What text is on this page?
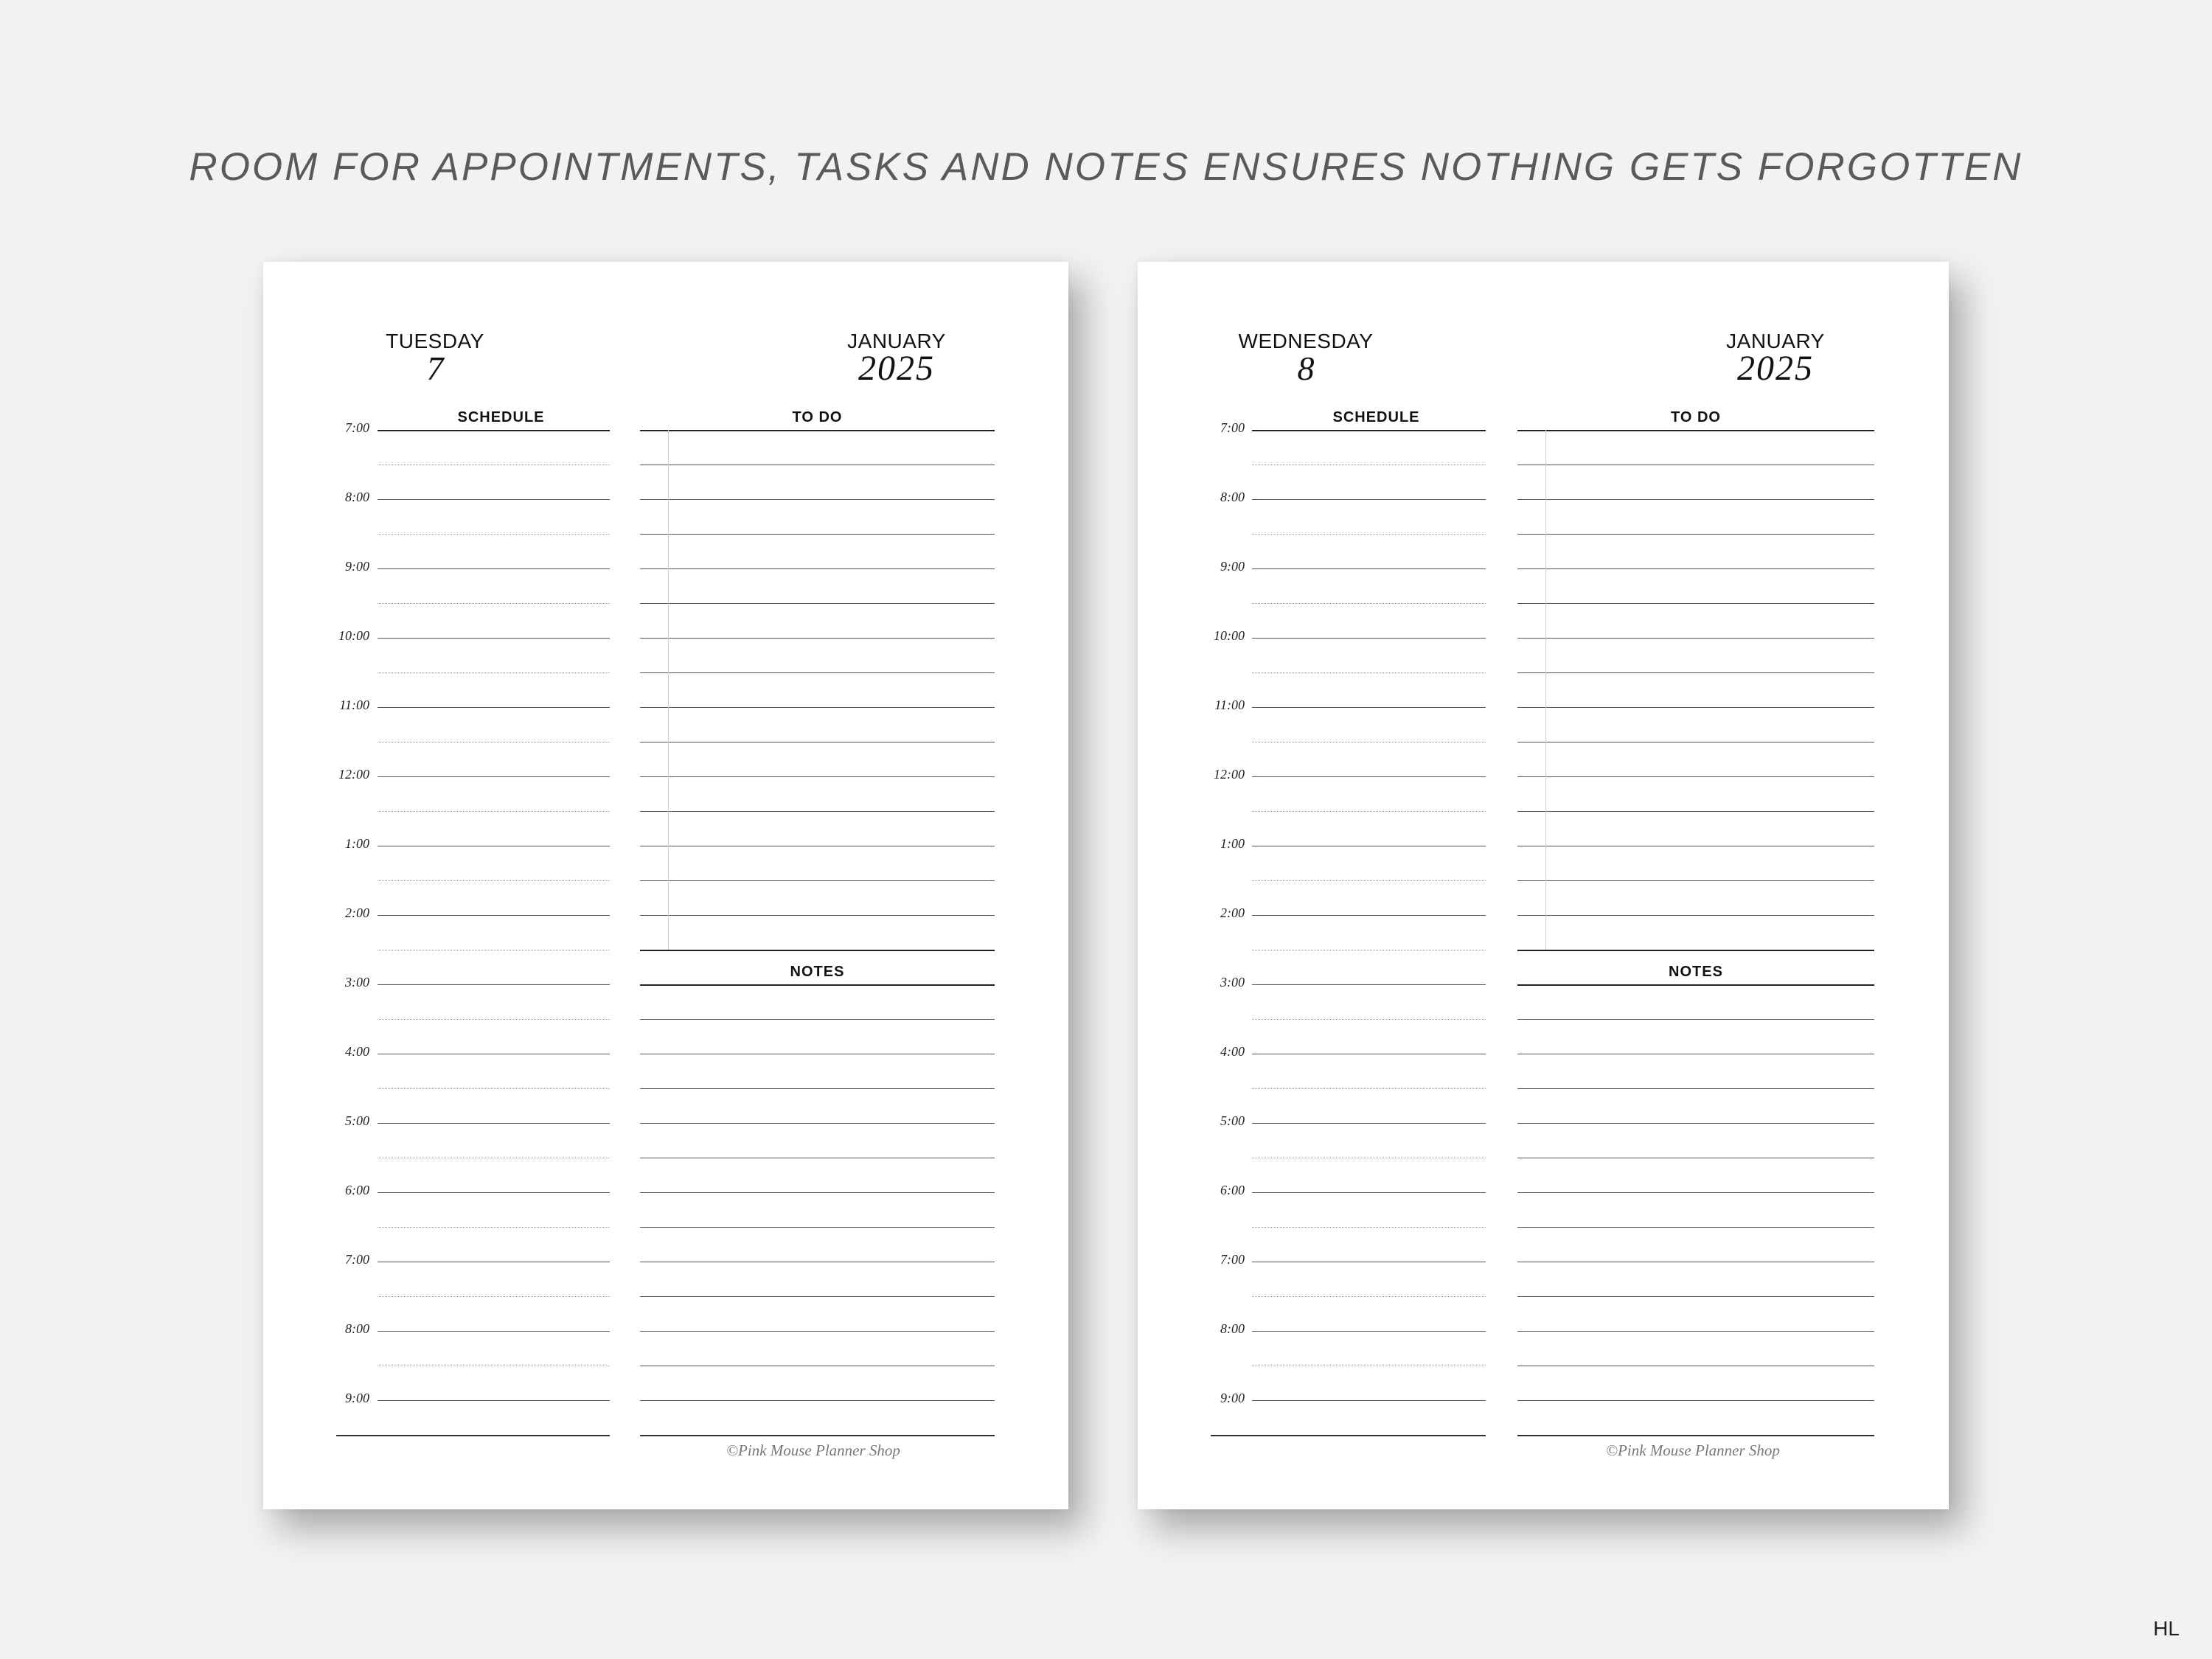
ROOM FOR APPOINTMENTS, TASKS AND NOTES ENSURES NOTHING GETS FORGOTTEN
TUESDAY
7
JANUARY
2025
©Pink Mouse Planner Shop
SCHEDULE
7:00
8:00
9:00
10:00
11:00
12:00
1:00
2:00
3:00
4:00
5:00
6:00
7:00
8:00
9:00
TO DO
NOTES
WEDNESDAY
8
JANUARY
2025
©Pink Mouse Planner Shop
SCHEDULE
7:00
8:00
9:00
10:00
11:00
12:00
1:00
2:00
3:00
4:00
5:00
6:00
7:00
8:00
9:00
TO DO
NOTES
HL
